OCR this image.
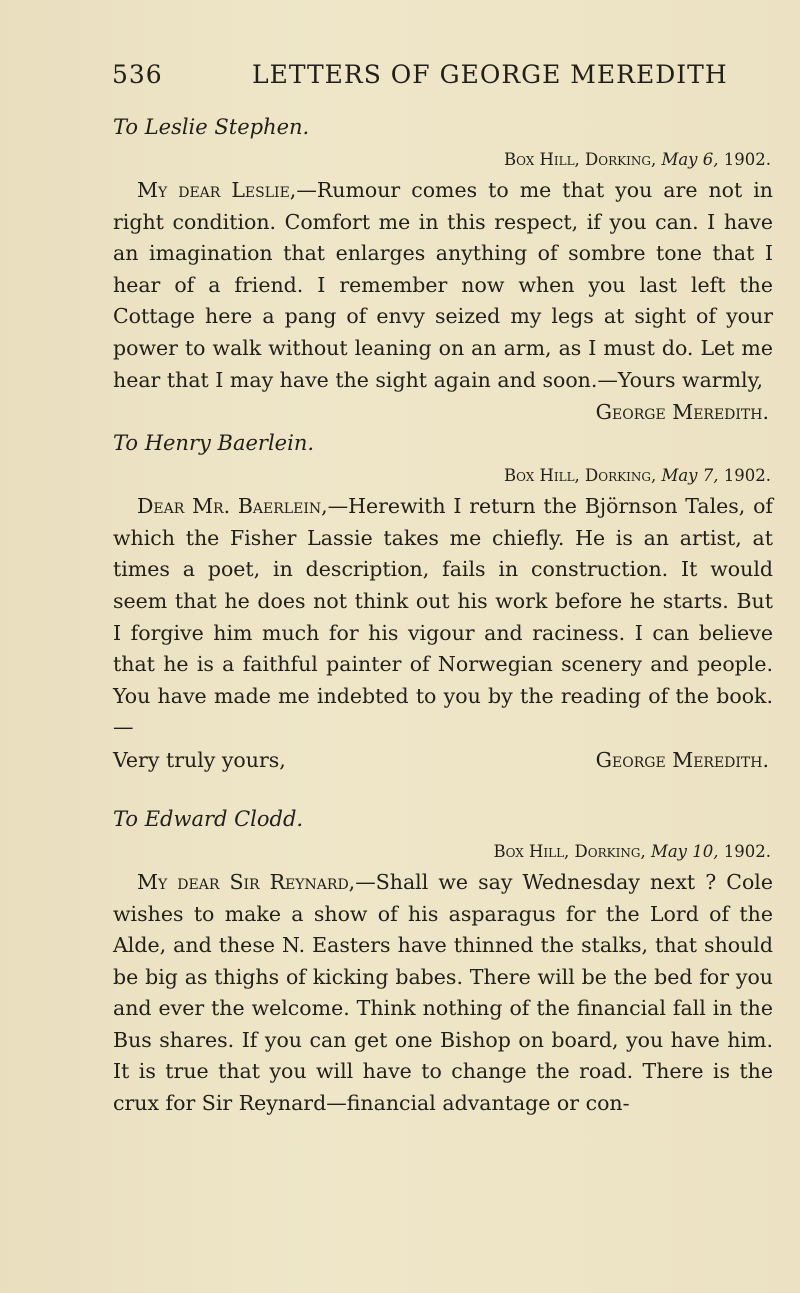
536	LETTERS OF GEORGE MEREDITH
To Leslie Stephen.
Box Hill, Dorking, May 6, 1902.
My dear Leslie,—Rumour comes to me that you are not in right condition. Comfort me in this respect, if you can. I have an imagination that enlarges anything of sombre tone that I hear of a friend. I remember now when you last left the Cottage here a pang of envy seized my legs at sight of your power to walk without leaning on an arm, as I must do. Let me hear that I may have the sight again and soon.—Yours warmly,
George Meredith.
To Henry Baerlein.
Box Hill, Dorking, May 7, 1902.
Dear Mr. Baerlein,—Herewith I return the Björnson Tales, of which the Fisher Lassie takes me chiefly. He is an artist, at times a poet, in description, fails in construction. It would seem that he does not think out his work before he starts. But I forgive him much for his vigour and raciness. I can believe that he is a faithful painter of Norwegian scenery and people. You have made me indebted to you by the reading of the book.—
Very truly yours,	George Meredith.
To Edward Clodd.
Box Hill, Dorking, May 10, 1902.
My dear Sir Reynard,—Shall we say Wednesday next ? Cole wishes to make a show of his asparagus for the Lord of the Alde, and these N. Easters have thinned the stalks, that should be big as thighs of kicking babes. There will be the bed for you and ever the welcome. Think nothing of the financial fall in the Bus shares. If you can get one Bishop on board, you have him. It is true that you will have to change the road. There is the crux for Sir Reynard—financial advantage or con-
